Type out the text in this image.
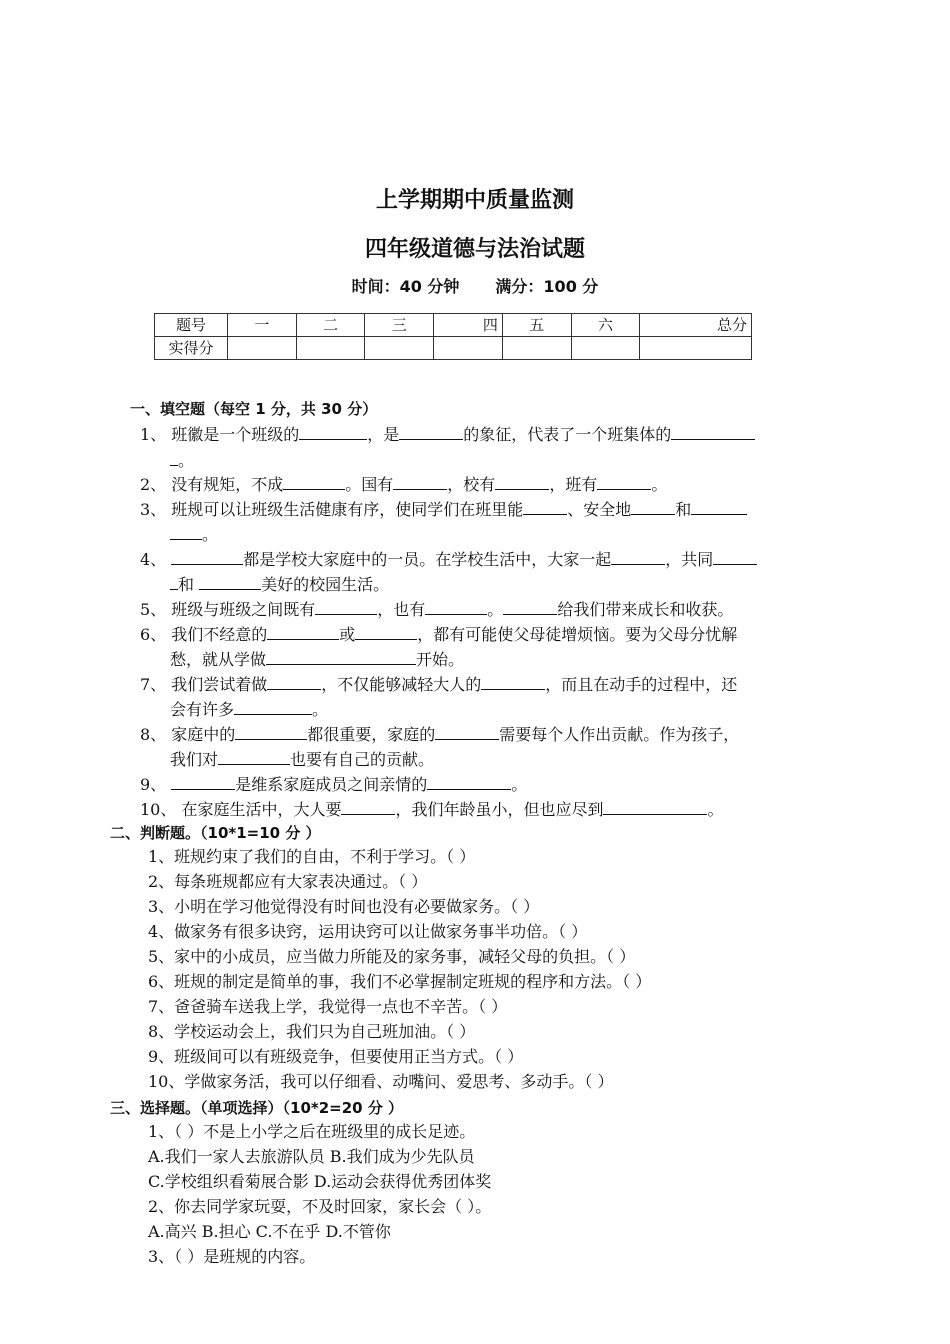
上学期期中质量监测
四年级道德与法治试题
时间：40 分钟 满分：100 分
题号	一	二	三	四	五	六	总分
实得分							
一、填空题（每空 1 分，共 30 分）
1、 班徽是一个班级的	，是	的象征，代表了一个班集体的
。
2、 没有规矩，不成	。国有	，校有	，班有	。
3、 班规可以让班级生活健康有序，使同学们在班里能	、安全地	和
。
4、	都是学校大家庭中的一员。在学校生活中，大家一起	，共同
和	美好的校园生活。
5、 班级与班级之间既有	，也有	。	给我们带来成长和收获。
6、 我们不经意的	或	，都有可能使父母徒增烦恼。要为父母分忧解
愁，就从学做	开始。
7、 我们尝试着做	，不仅能够减轻大人的	，而且在动手的过程中，还
会有许多	。
8、 家庭中的	都很重要，家庭的	需要每个人作出贡献。作为孩子，
我们对	也要有自己的贡献。
9、	是维系家庭成员之间亲情的	。
10、 在家庭生活中，大人要	，我们年龄虽小，但也应尽到	。
二、判断题。（10*1=10 分 ）
1、班规约束了我们的自由，不利于学习。（ ）
2、每条班规都应有大家表决通过。（ ）
3、小明在学习他觉得没有时间也没有必要做家务。（ ）
4、做家务有很多诀窍，运用诀窍可以让做家务事半功倍。（ ）
5、家中的小成员，应当做力所能及的家务事，减轻父母的负担。（ ）
6、班规的制定是简单的事，我们不必掌握制定班规的程序和方法。（ ）
7、爸爸骑车送我上学，我觉得一点也不辛苦。（ ）
8、学校运动会上，我们只为自己班加油。（ ）
9、班级间可以有班级竞争，但要使用正当方式。（ ）
10、学做家务活，我可以仔细看、动嘴问、爱思考、多动手。（ ）
三、选择题。（单项选择）（10*2=20 分 ）
1、（ ）不是上小学之后在班级里的成长足迹。
A.我们一家人去旅游队员 B.我们成为少先队员
C.学校组织看菊展合影 D.运动会获得优秀团体奖
2、你去同学家玩耍，不及时回家，家长会（ ）。
A.高兴 B.担心 C.不在乎 D.不管你
3、（ ）是班规的内容。
